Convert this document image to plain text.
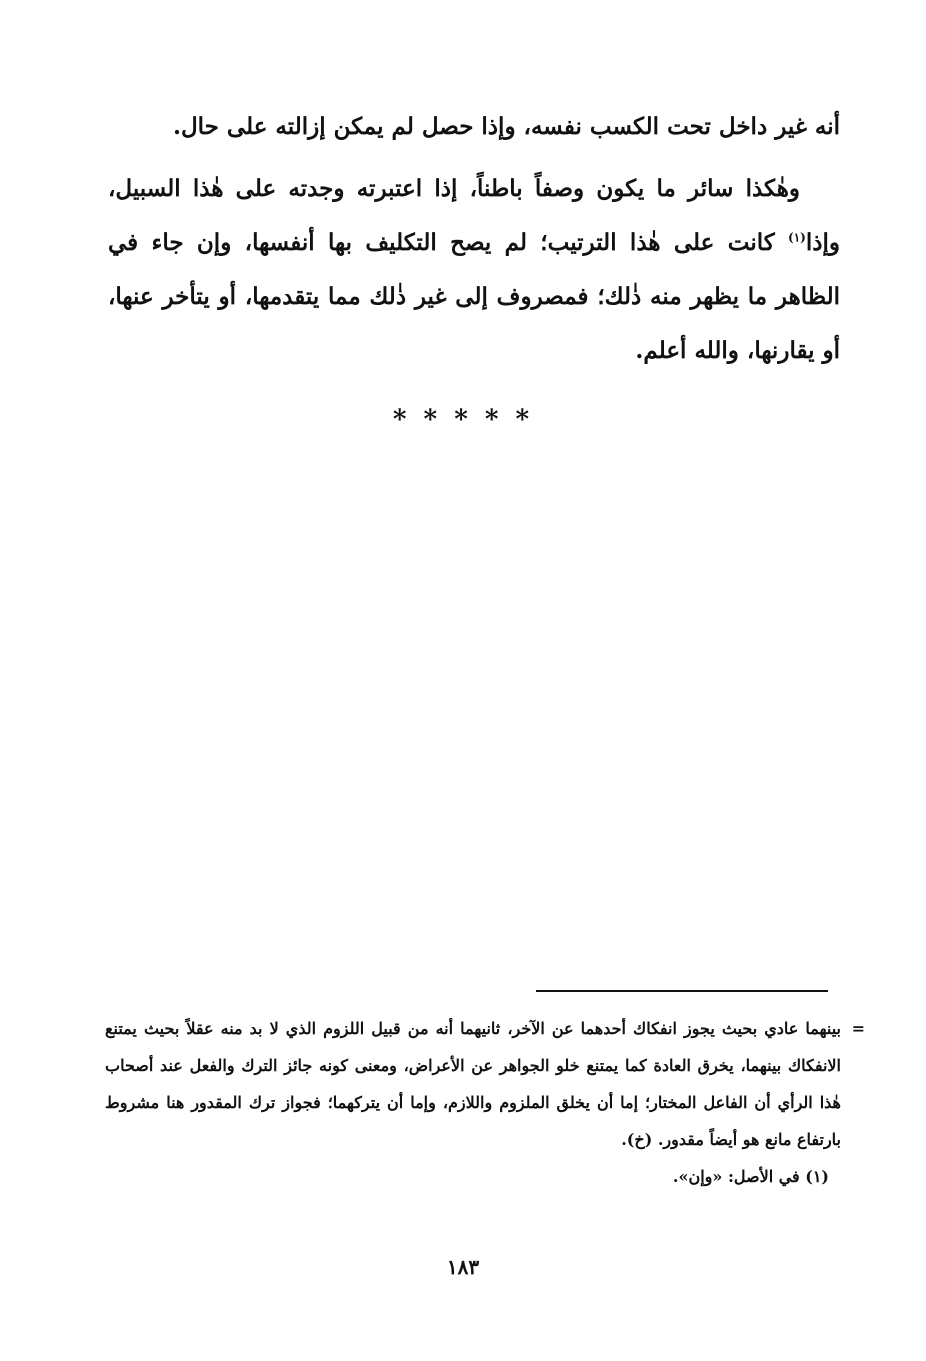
أنه غير داخل تحت الكسب نفسه، وإذا حصل لم يمكن إزالته على حال.

وهٰكذا سائر ما يكون وصفاً باطناً، إذا اعتبرته وجدته على هٰذا السبيل، وإذا$^{(١)}$ كانت على هٰذا الترتيب؛ لم يصح التكليف بها أنفسها، وإن جاء في الظاهر ما يظهر منه ذٰلك؛ فمصروف إلى غير ذٰلك مما يتقدمها، أو يتأخر عنها، أو يقارنها، والله أعلم.

* * * * *

=
بينهما عادي بحيث يجوز انفكاك أحدهما عن الآخر، ثانيهما أنه من قبيل اللزوم الذي لا بد منه عقلاً بحيث يمتنع الانفكاك بينهما، يخرق العادة كما يمتنع خلو الجواهر عن الأعراض، ومعنى كونه جائز الترك والفعل عند أصحاب هٰذا الرأي أن الفاعل المختار؛ إما أن يخلق الملزوم واللازم، وإما أن يتركهما؛ فجواز ترك المقدور هنا مشروط بارتفاع مانع هو أيضاً مقدور. (خ).

(١) في الأصل: «وإن».

١٨٣
